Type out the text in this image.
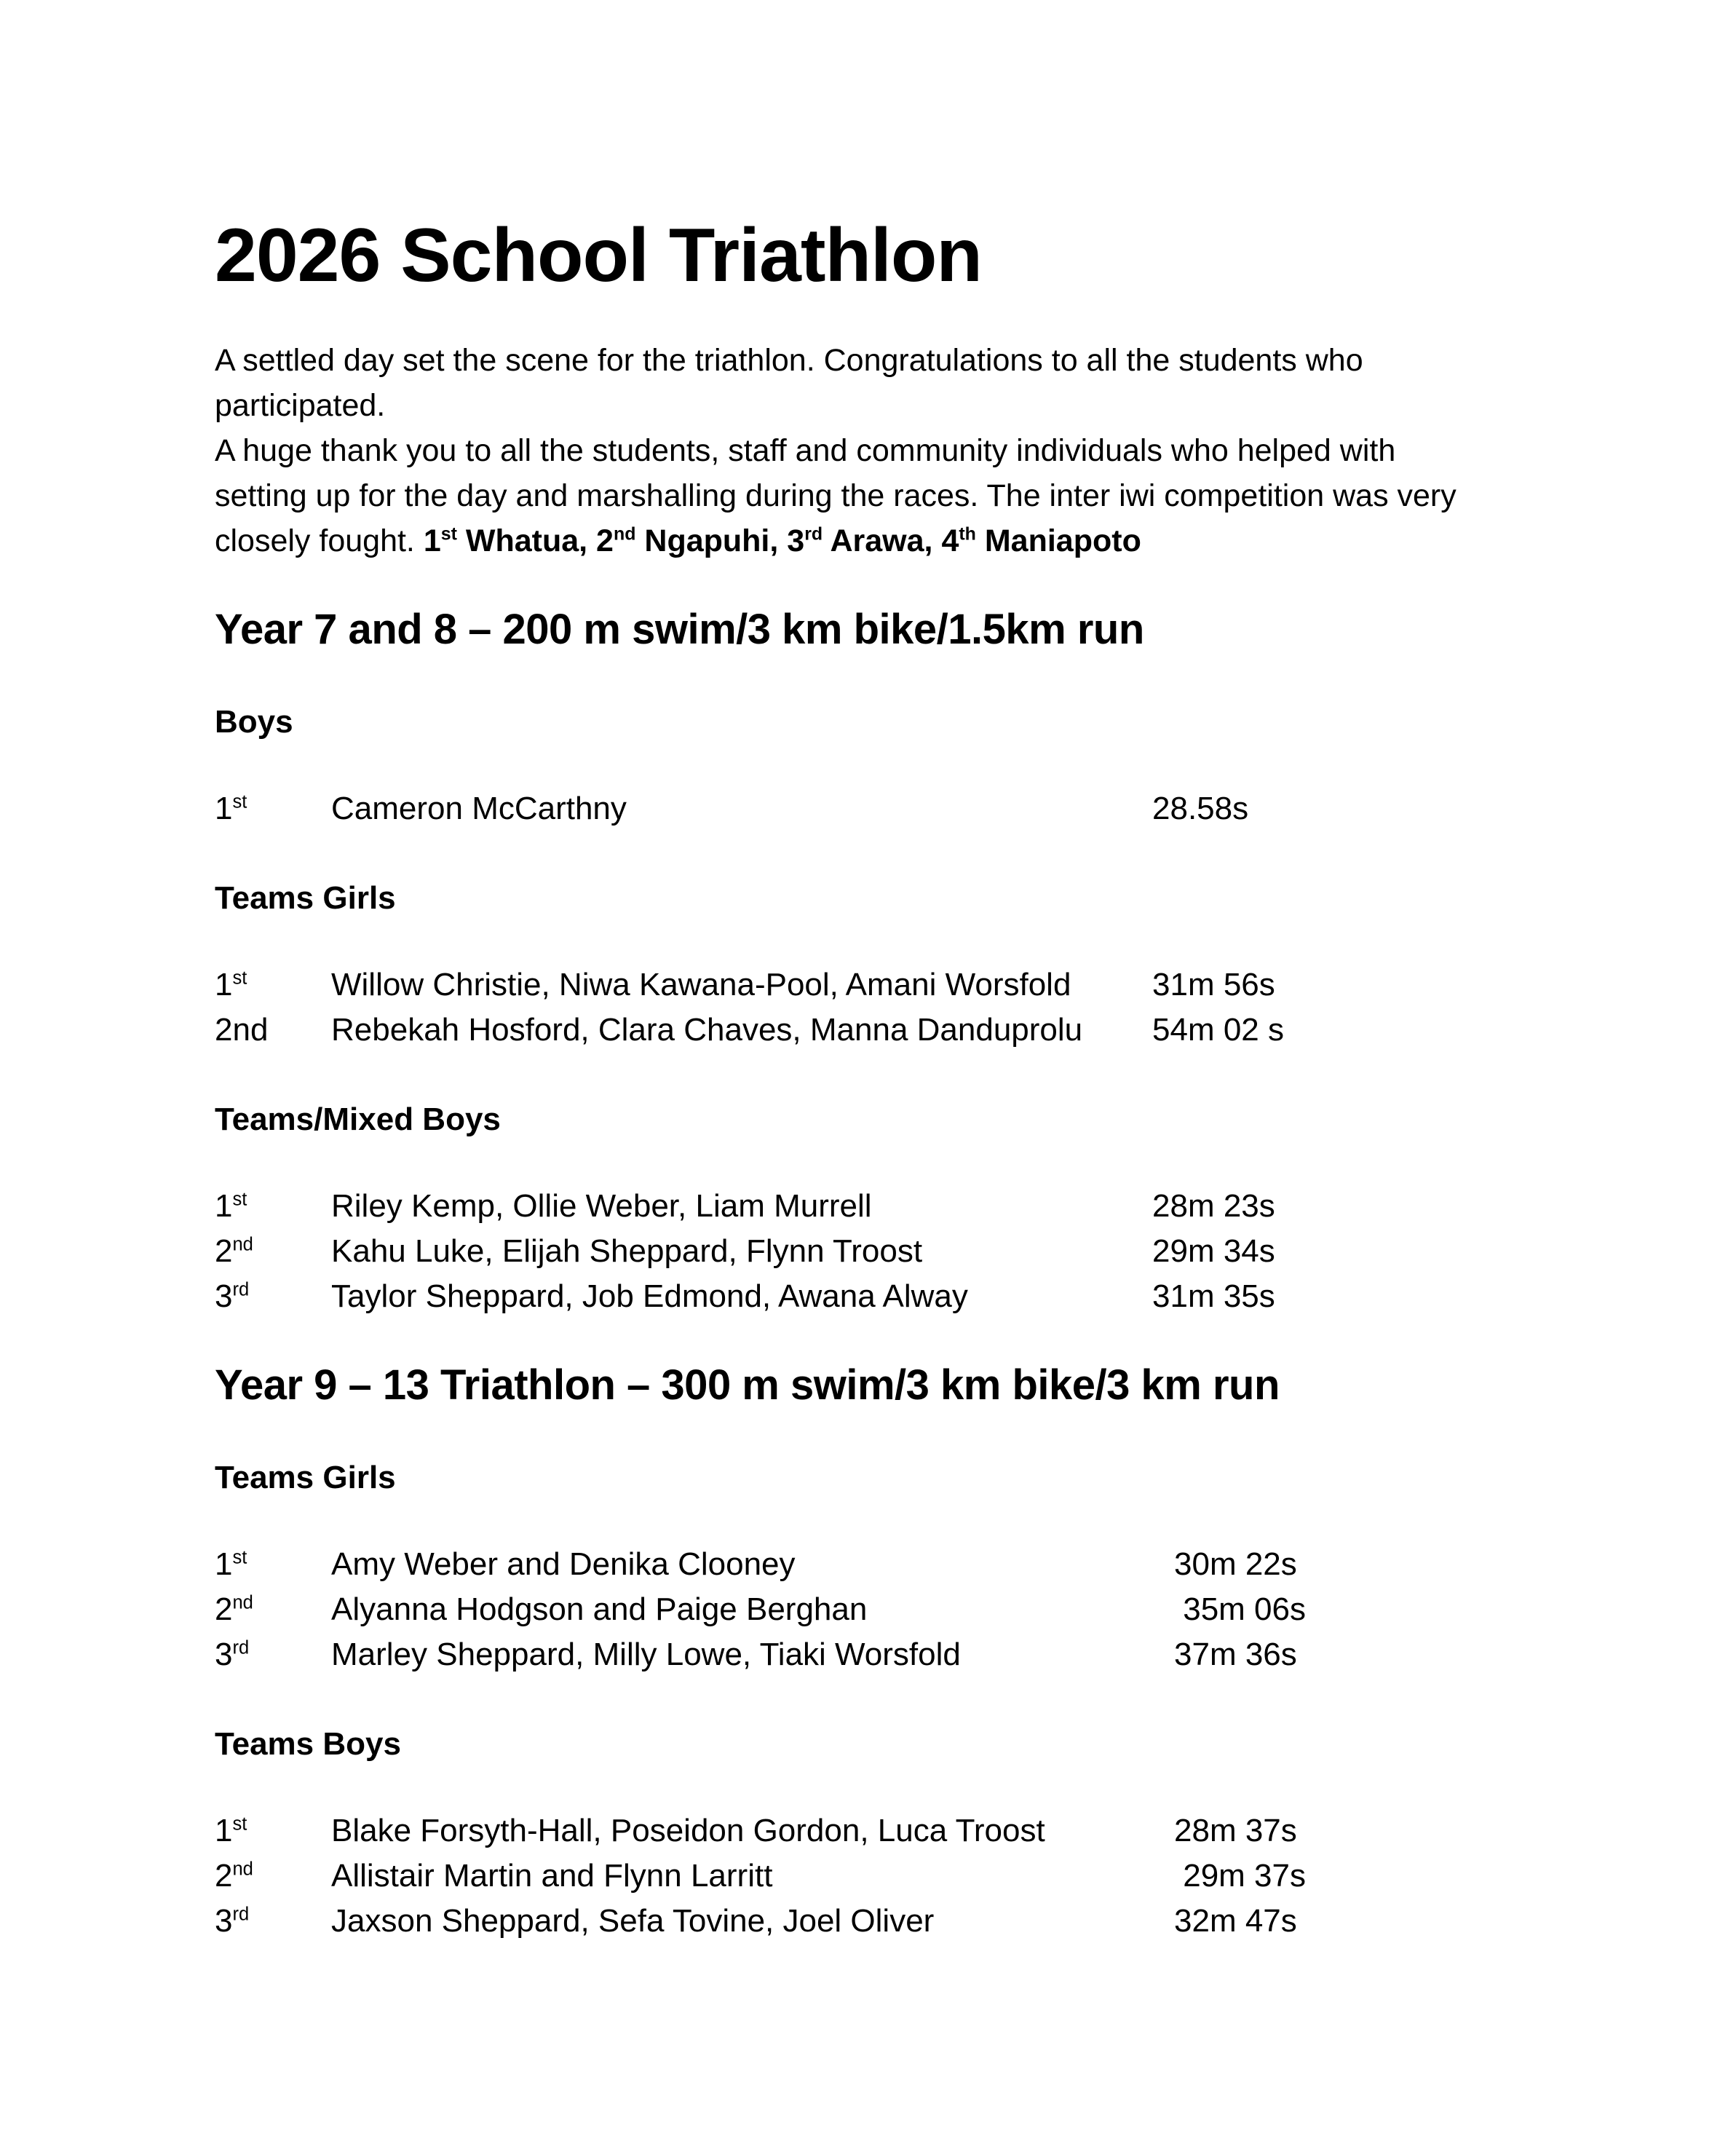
2026 School Triathlon

A settled day set the scene for the triathlon. Congratulations to all the students who
participated.
A huge thank you to all the students, staff and community individuals who helped with
setting up for the day and marshalling during the races. The inter iwi competition was very
closely fought. 1st Whatua, 2nd Ngapuhi, 3rd Arawa, 4th Maniapoto

Year 7 and 8 – 200 m swim/3 km bike/1.5km run
Boys
1st	Cameron McCarthny	28.58s
Teams Girls
1st	Willow Christie, Niwa Kawana-Pool, Amani Worsfold	31m 56s
2nd	Rebekah Hosford, Clara Chaves, Manna Danduprolu	54m 02 s
Teams/Mixed Boys
1st	Riley Kemp, Ollie Weber, Liam Murrell	28m 23s
2nd	Kahu Luke, Elijah Sheppard, Flynn Troost	29m 34s
3rd	Taylor Sheppard, Job Edmond, Awana Alway	31m 35s
Year 9 – 13 Triathlon – 300 m swim/3 km bike/3 km run
Teams Girls
1st	Amy Weber and Denika Clooney	30m 22s
2nd	Alyanna Hodgson and Paige Berghan	35m 06s
3rd	Marley Sheppard, Milly Lowe, Tiaki Worsfold	37m 36s
Teams Boys
1st	Blake Forsyth-Hall, Poseidon Gordon, Luca Troost	28m 37s
2nd	Allistair Martin and Flynn Larritt	29m 37s
3rd	Jaxson Sheppard, Sefa Tovine, Joel Oliver	32m 47s
